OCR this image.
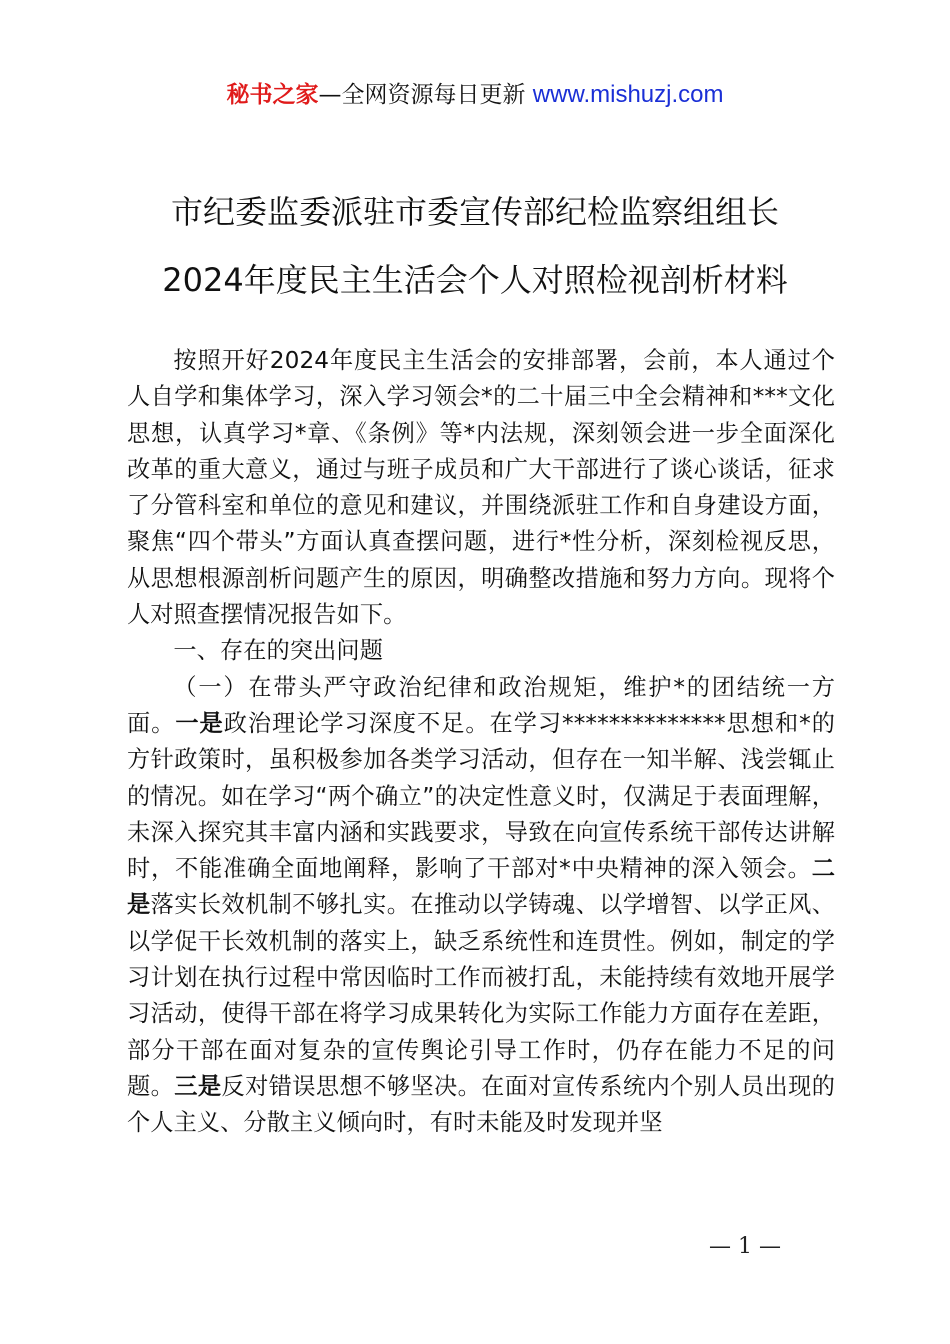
秘书之家—全网资源每日更新 www.mishuzj.com
市纪委监委派驻市委宣传部纪检监察组组长
2024年度民主生活会个人对照检视剖析材料

按照开好2024年度民主生活会的安排部署，会前，本人通过个人自学和集体学习，深入学习领会*的二十届三中全会精神和***文化思想，认真学习*章、《条例》等*内法规，深刻领会进一步全面深化改革的重大意义，通过与班子成员和广大干部进行了谈心谈话，征求了分管科室和单位的意见和建议，并围绕派驻工作和自身建设方面，聚焦“四个带头”方面认真查摆问题，进行*性分析，深刻检视反思，从思想根源剖析问题产生的原因，明确整改措施和努力方向。现将个人对照查摆情况报告如下。

一、存在的突出问题

（一）在带头严守政治纪律和政治规矩，维护*的团结统一方面。一是政治理论学习深度不足。在学习**************思想和*的方针政策时，虽积极参加各类学习活动，但存在一知半解、浅尝辄止的情况。如在学习“两个确立”的决定性意义时，仅满足于表面理解，未深入探究其丰富内涵和实践要求，导致在向宣传系统干部传达讲解时，不能准确全面地阐释，影响了干部对*中央精神的深入领会。二是落实长效机制不够扎实。在推动以学铸魂、以学增智、以学正风、以学促干长效机制的落实上，缺乏系统性和连贯性。例如，制定的学习计划在执行过程中常因临时工作而被打乱，未能持续有效地开展学习活动，使得干部在将学习成果转化为实际工作能力方面存在差距，部分干部在面对复杂的宣传舆论引导工作时，仍存在能力不足的问题。三是反对错误思想不够坚决。在面对宣传系统内个别人员出现的个人主义、分散主义倾向时，有时未能及时发现并坚

— 1 —
